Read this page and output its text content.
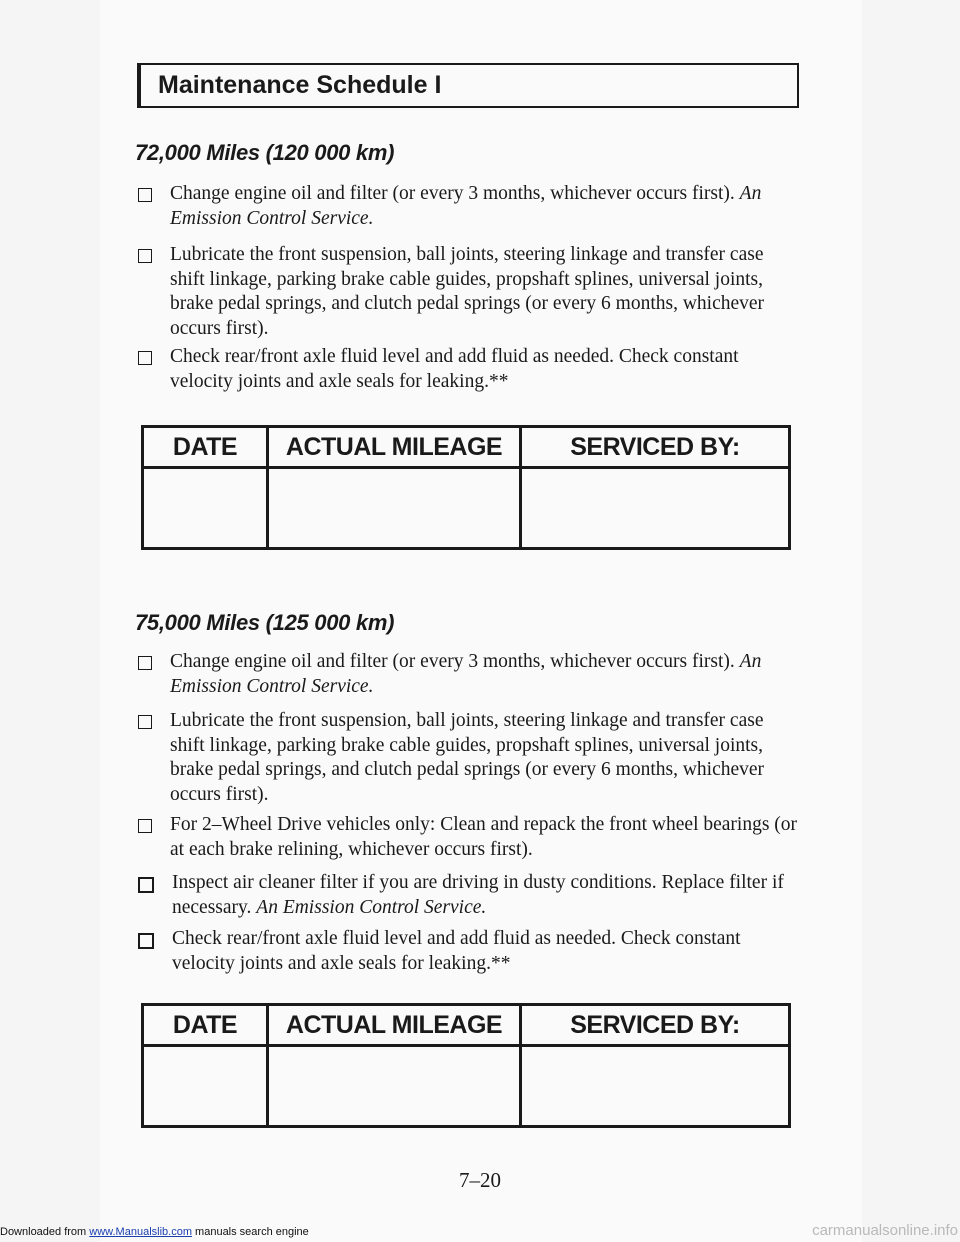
Maintenance Schedule I
72,000 Miles (120 000 km)
Change engine oil and filter (or every 3 months, whichever occurs first). An Emission Control Service.
Lubricate the front suspension, ball joints, steering linkage and transfer case shift linkage, parking brake cable guides, propshaft splines, universal joints, brake pedal springs, and clutch pedal springs (or every 6 months, whichever occurs first).
Check rear/front axle fluid level and add fluid as needed. Check constant velocity joints and axle seals for leaking.**
DATE	ACTUAL MILEAGE	SERVICED BY:
75,000 Miles (125 000 km)
Change engine oil and filter (or every 3 months, whichever occurs first). An Emission Control Service.
Lubricate the front suspension, ball joints, steering linkage and transfer case shift linkage, parking brake cable guides, propshaft splines, universal joints, brake pedal springs, and clutch pedal springs (or every 6 months, whichever occurs first).
For 2–Wheel Drive vehicles only: Clean and repack the front wheel bearings (or at each brake relining, whichever occurs first).
Inspect air cleaner filter if you are driving in dusty conditions. Replace filter if necessary. An Emission Control Service.
Check rear/front axle fluid level and add fluid as needed. Check constant velocity joints and axle seals for leaking.**
DATE	ACTUAL MILEAGE	SERVICED BY:
7–20
Downloaded from www.Manualslib.com manuals search engine	carmanualsonline.info
